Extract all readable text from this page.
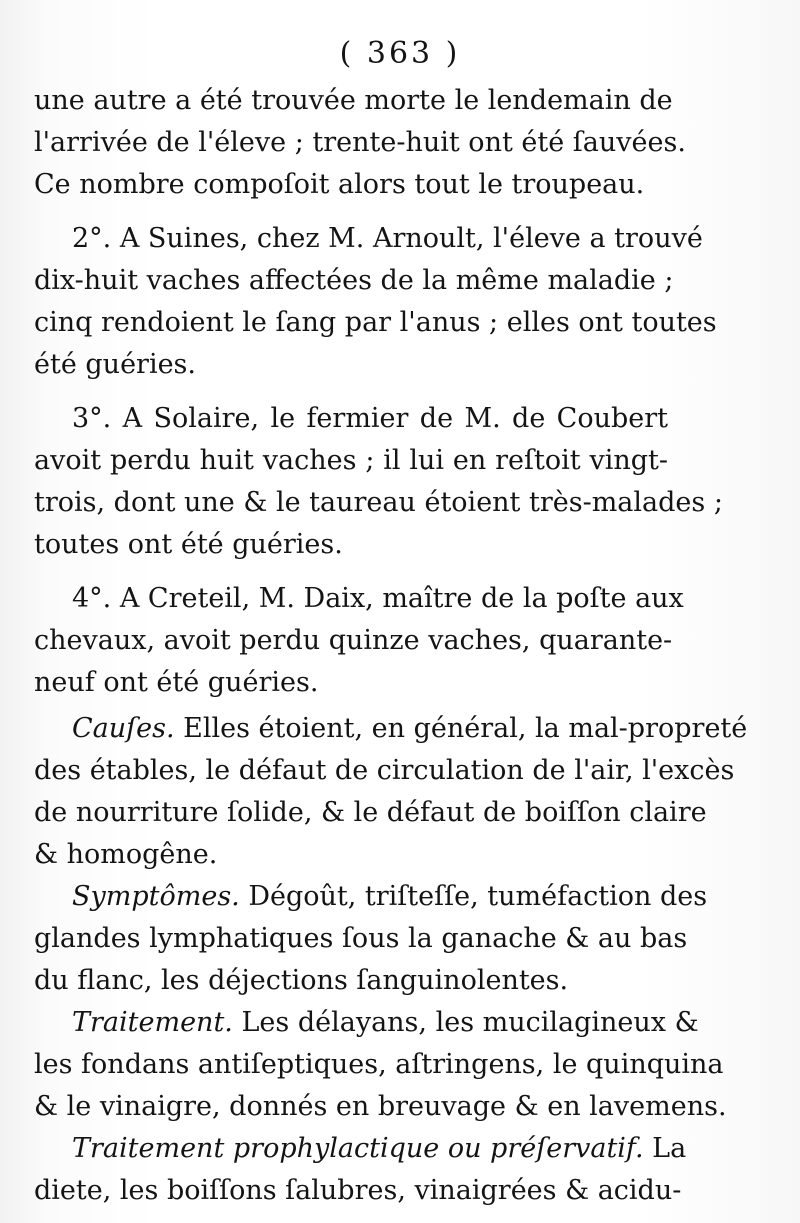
( 363 )
une autre a été trouvée morte le lendemain de
l'arrivée de l'éleve ; trente-huit ont été ſauvées.
Ce nombre compoſoit alors tout le troupeau.
2°. A Suines, chez M. Arnoult, l'éleve a trouvé
dix-huit vaches affectées de la même maladie ;
cinq rendoient le ſang par l'anus ; elles ont toutes
été guéries.
3°. A Solaire, le fermier de M. de Coubert
avoit perdu huit vaches ; il lui en reſtoit vingt-
trois, dont une & le taureau étoient très-malades ;
toutes ont été guéries.
4°. A Creteil, M. Daix, maître de la poſte aux
chevaux, avoit perdu quinze vaches, quarante-
neuf ont été guéries.
Cauſes. Elles étoient, en général, la mal-propreté
des étables, le défaut de circulation de l'air, l'excès
de nourriture ſolide, & le défaut de boiſſon claire
& homogêne.
Symptômes. Dégoût, triſteſſe, tuméfaction des
glandes lymphatiques ſous la ganache & au bas
du flanc, les déjections ſanguinolentes.
Traitement. Les délayans, les mucilagineux &
les fondans antiſeptiques, aſtringens, le quinquina
& le vinaigre, donnés en breuvage & en lavemens.
Traitement prophylactique ou préſervatif. La
diete, les boiſſons ſalubres, vinaigrées & acidu-
